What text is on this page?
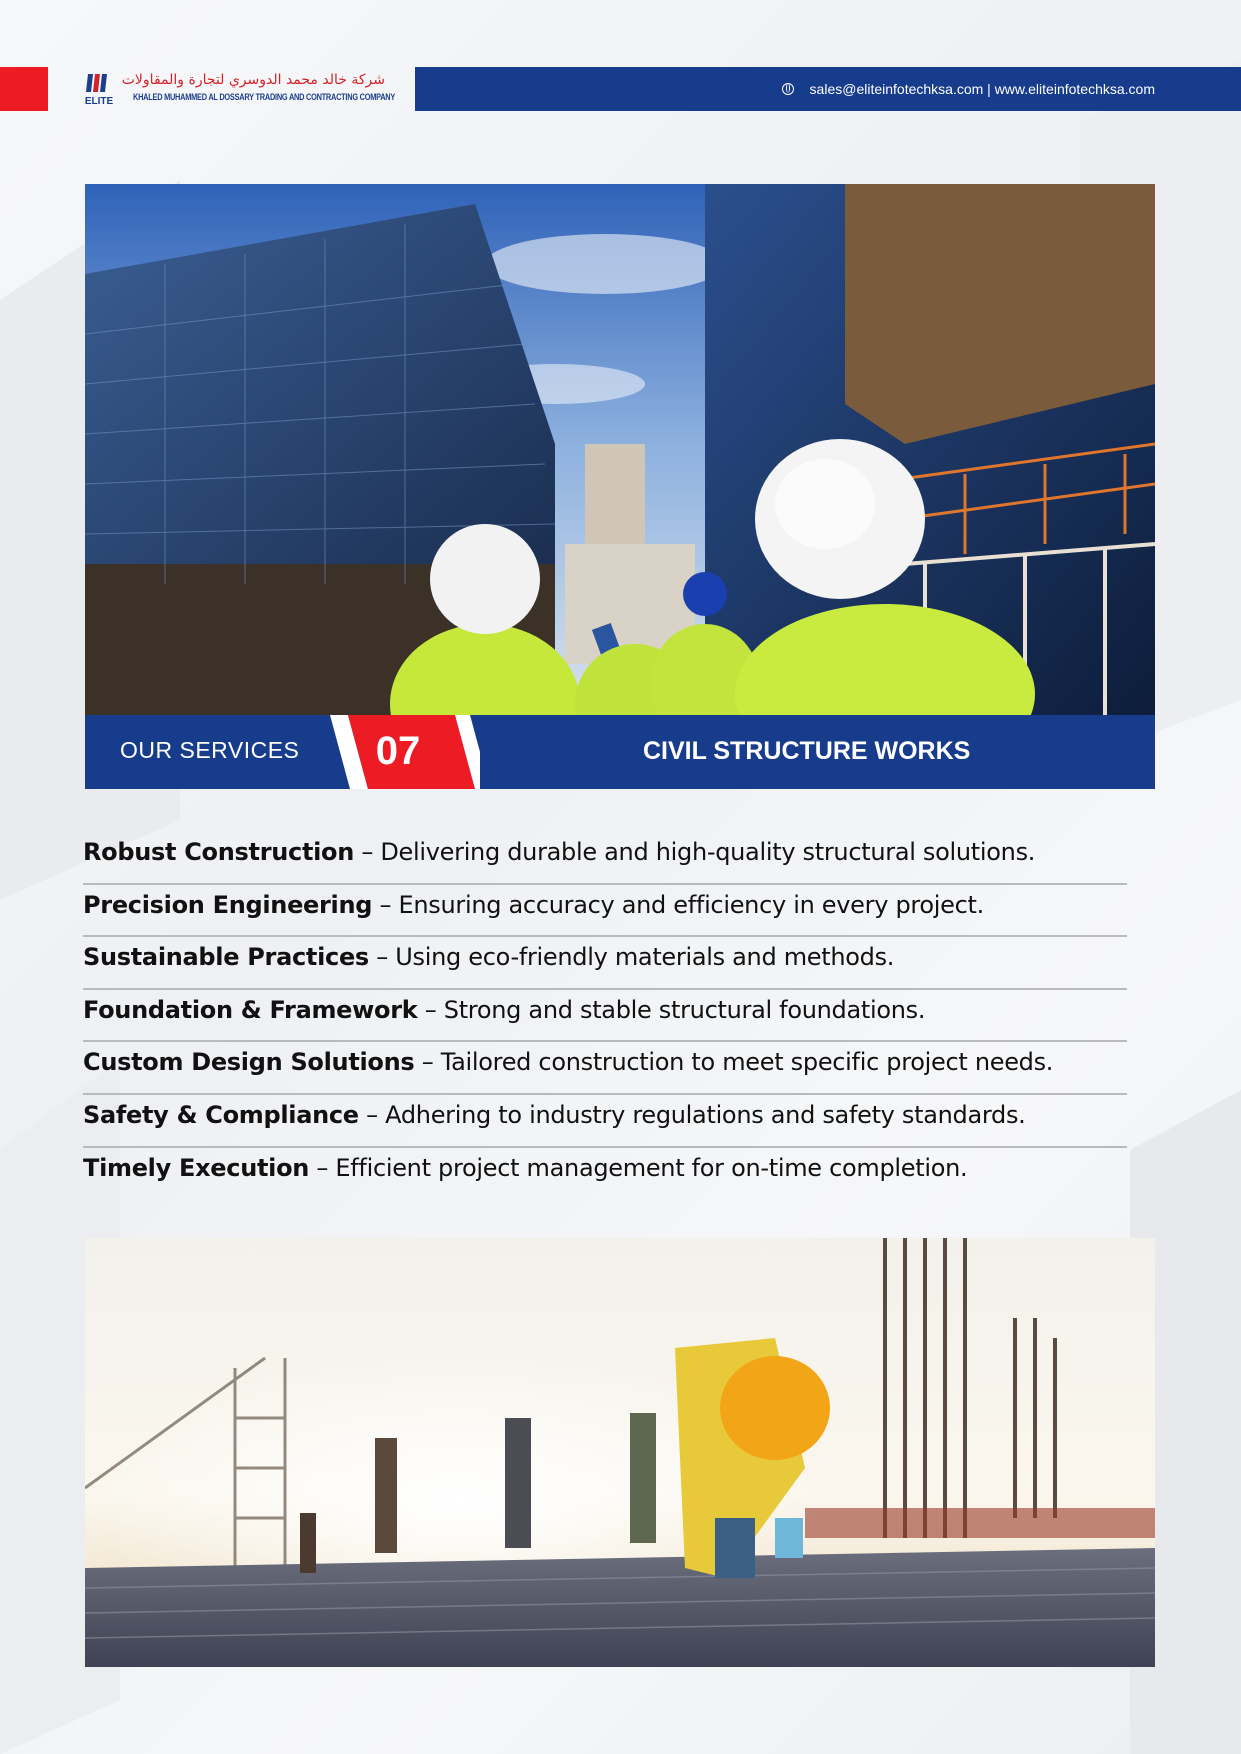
ELITE
شركة خالد محمد الدوسري لتجارة والمقاولات
KHALED MUHAMMED AL DOSSARY TRADING AND CONTRACTING COMPANY	sales@eliteinfotechksa.com | www.eliteinfotechksa.com
OUR SERVICES	07	CIVIL STRUCTURE WORKS
Robust Construction – Delivering durable and high-quality structural solutions.
Precision Engineering – Ensuring accuracy and efficiency in every project.
Sustainable Practices – Using eco-friendly materials and methods.
Foundation & Framework – Strong and stable structural foundations.
Custom Design Solutions – Tailored construction to meet specific project needs.
Safety & Compliance – Adhering to industry regulations and safety standards.
Timely Execution – Efficient project management for on-time completion.
